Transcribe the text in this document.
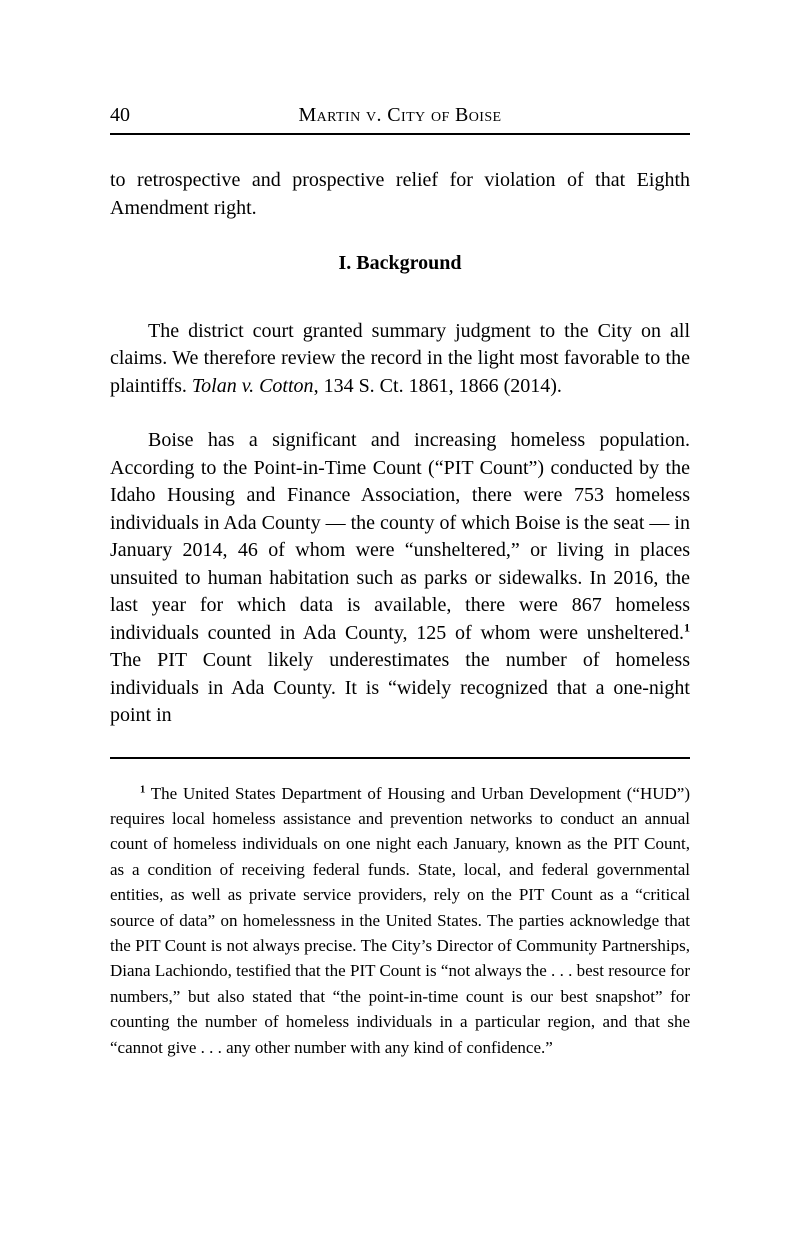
40	Martin v. City of Boise

to retrospective and prospective relief for violation of that Eighth Amendment right.

I. Background

The district court granted summary judgment to the City on all claims. We therefore review the record in the light most favorable to the plaintiffs. Tolan v. Cotton, 134 S. Ct. 1861, 1866 (2014).

Boise has a significant and increasing homeless population. According to the Point-in-Time Count (“PIT Count”) conducted by the Idaho Housing and Finance Association, there were 753 homeless individuals in Ada County — the county of which Boise is the seat — in January 2014, 46 of whom were “unsheltered,” or living in places unsuited to human habitation such as parks or sidewalks. In 2016, the last year for which data is available, there were 867 homeless individuals counted in Ada County, 125 of whom were unsheltered.$^1$ The PIT Count likely underestimates the number of homeless individuals in Ada County. It is “widely recognized that a one-night point in

$^1$ The United States Department of Housing and Urban Development (“HUD”) requires local homeless assistance and prevention networks to conduct an annual count of homeless individuals on one night each January, known as the PIT Count, as a condition of receiving federal funds. State, local, and federal governmental entities, as well as private service providers, rely on the PIT Count as a “critical source of data” on homelessness in the United States. The parties acknowledge that the PIT Count is not always precise. The City’s Director of Community Partnerships, Diana Lachiondo, testified that the PIT Count is “not always the . . . best resource for numbers,” but also stated that “the point-in-time count is our best snapshot” for counting the number of homeless individuals in a particular region, and that she “cannot give . . . any other number with any kind of confidence.”
